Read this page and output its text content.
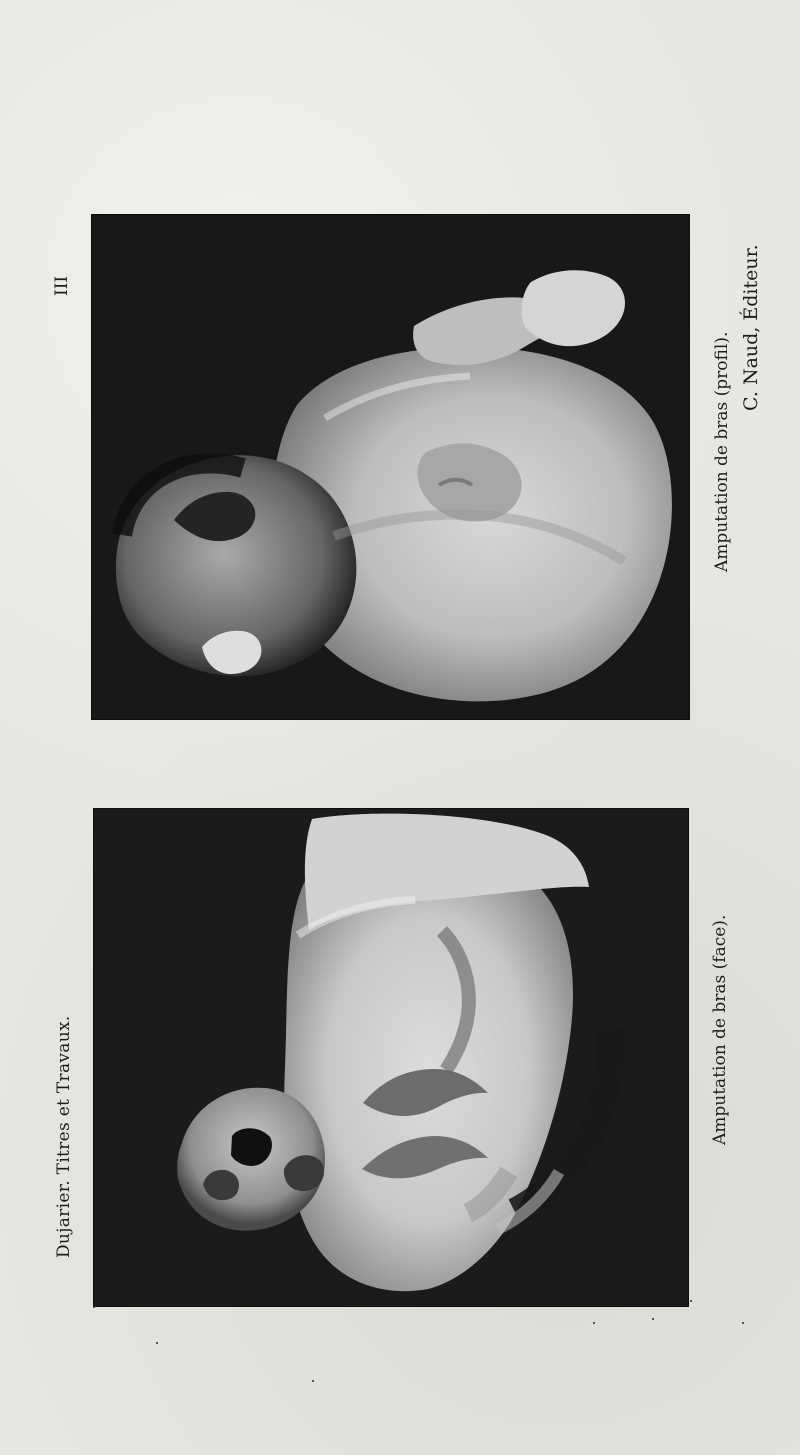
Dujarier. Titres et Travaux.
III
Amputation de bras (face).
Amputation de bras (profil).
C. Naud, Éditeur.
